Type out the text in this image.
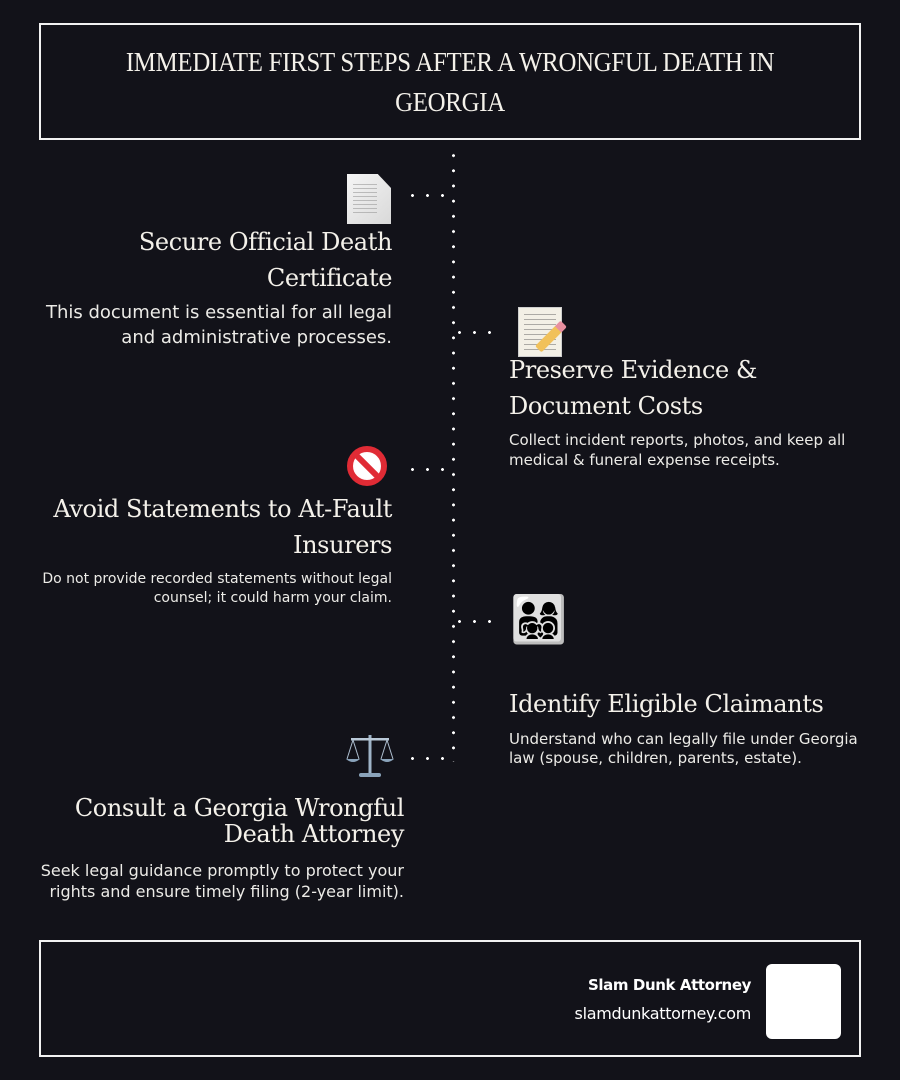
IMMEDIATE FIRST STEPS AFTER A WRONGFUL DEATH IN GEORGIA
Secure Official Death Certificate
This document is essential for all legal and administrative processes.
Preserve Evidence & Document Costs
Collect incident reports, photos, and keep all medical & funeral expense receipts.
Avoid Statements to At-Fault Insurers
Do not provide recorded statements without legal counsel; it could harm your claim.	👨‍👩‍👧‍👦
Identify Eligible Claimants
Understand who can legally file under Georgia law (spouse, children, parents, estate).
Consult a Georgia Wrongful Death Attorney
Seek legal guidance promptly to protect your rights and ensure timely filing (2-year limit).
Slam Dunk Attorney
slamdunkattorney.com
